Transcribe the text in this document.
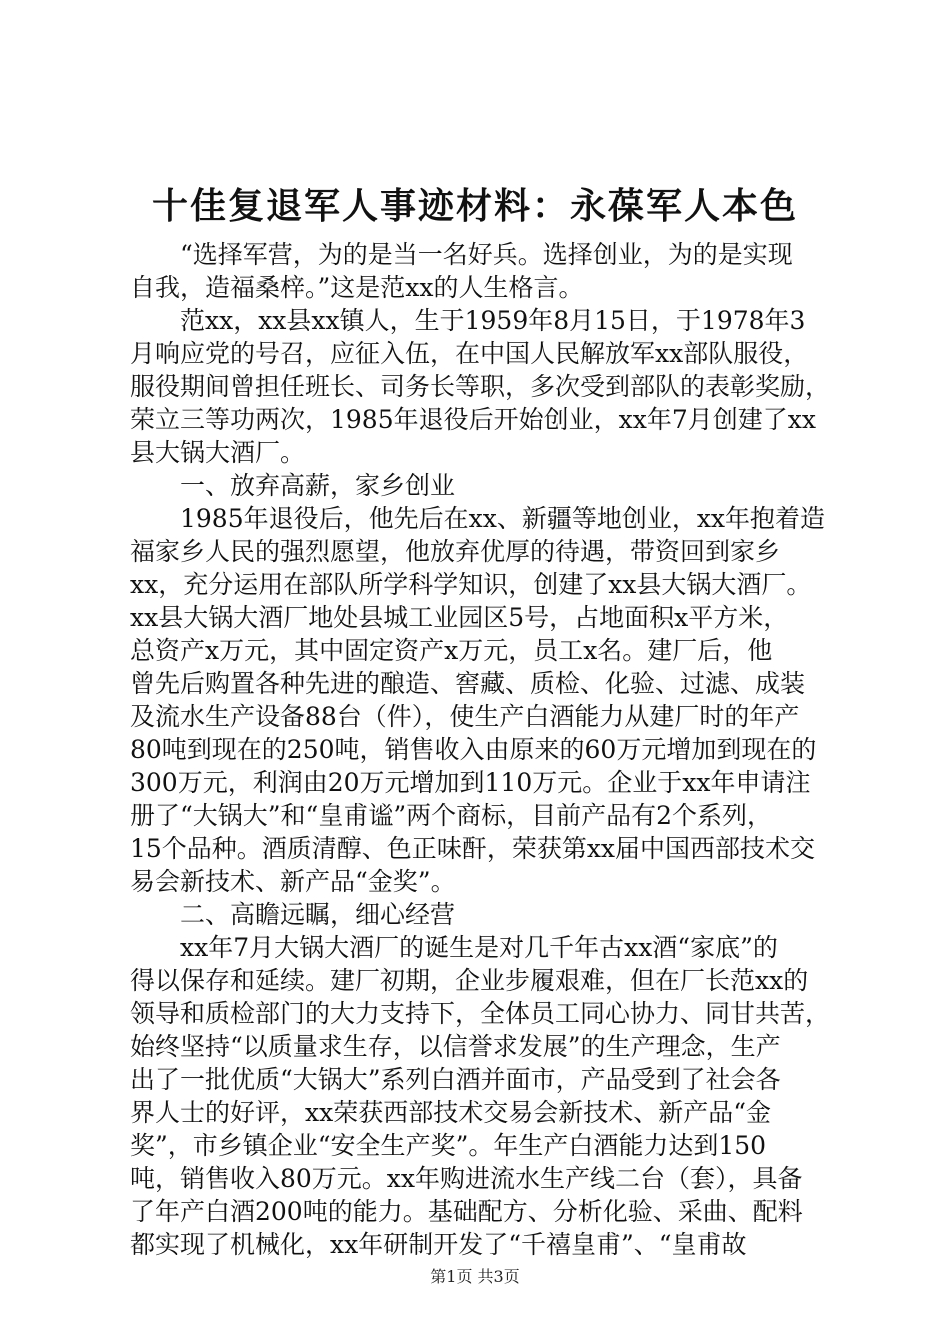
十佳复退军人事迹材料：永葆军人本色
“选择军营，为的是当一名好兵。选择创业，为的是实现
自我，造福桑梓。”这是范xx的人生格言。
范xx，xx县xx镇人，生于1959年8月15日，于1978年3
月响应党的号召，应征入伍，在中国人民解放军xx部队服役，
服役期间曾担任班长、司务长等职，多次受到部队的表彰奖励，
荣立三等功两次，1985年退役后开始创业，xx年7月创建了xx
县大锅大酒厂。
一、放弃高薪，家乡创业
1985年退役后，他先后在xx、新疆等地创业，xx年抱着造
福家乡人民的强烈愿望，他放弃优厚的待遇，带资回到家乡
xx，充分运用在部队所学科学知识，创建了xx县大锅大酒厂。
xx县大锅大酒厂地处县城工业园区5号，占地面积x平方米，
总资产x万元，其中固定资产x万元，员工x名。建厂后，他
曾先后购置各种先进的酿造、窖藏、质检、化验、过滤、成装
及流水生产设备88台（件），使生产白酒能力从建厂时的年产
80吨到现在的250吨，销售收入由原来的60万元增加到现在的
300万元，利润由20万元增加到110万元。企业于xx年申请注
册了“大锅大”和“皇甫谧”两个商标，目前产品有2个系列，
15个品种。酒质清醇、色正味酐，荣获第xx届中国西部技术交
易会新技术、新产品“金奖”。
二、高瞻远瞩，细心经营
xx年7月大锅大酒厂的诞生是对几千年古xx酒“家底”的
得以保存和延续。建厂初期，企业步履艰难，但在厂长范xx的
领导和质检部门的大力支持下，全体员工同心协力、同甘共苦，
始终坚持“以质量求生存，以信誉求发展”的生产理念，生产
出了一批优质“大锅大”系列白酒并面市，产品受到了社会各
界人士的好评，xx荣获西部技术交易会新技术、新产品“金
奖”，市乡镇企业“安全生产奖”。年生产白酒能力达到150
吨，销售收入80万元。xx年购进流水生产线二台（套），具备
了年产白酒200吨的能力。基础配方、分析化验、采曲、配料
都实现了机械化，xx年研制开发了“千禧皇甫”、“皇甫故
第1页 共3页
